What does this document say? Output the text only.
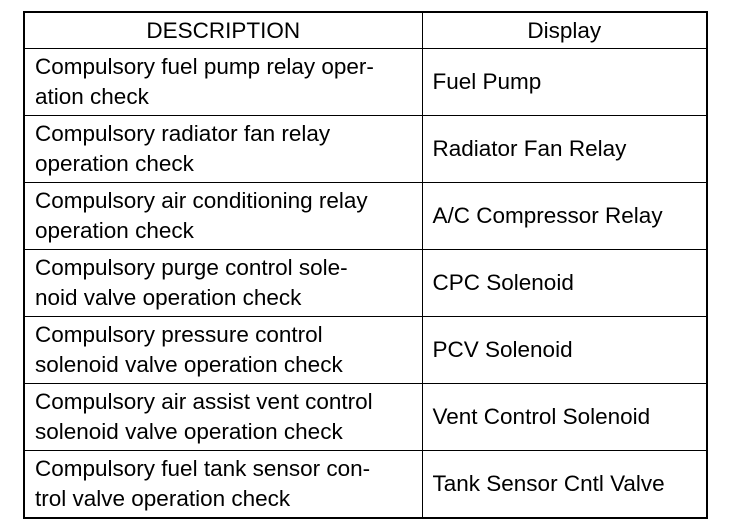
DESCRIPTION	Display
Compulsory fuel pump relay oper-
ation check	Fuel Pump
Compulsory radiator fan relay
operation check	Radiator Fan Relay
Compulsory air conditioning relay
operation check	A/C Compressor Relay
Compulsory purge control sole-
noid valve operation check	CPC Solenoid
Compulsory pressure control
solenoid valve operation check	PCV Solenoid
Compulsory air assist vent control
solenoid valve operation check	Vent Control Solenoid
Compulsory fuel tank sensor con-
trol valve operation check	Tank Sensor Cntl Valve
